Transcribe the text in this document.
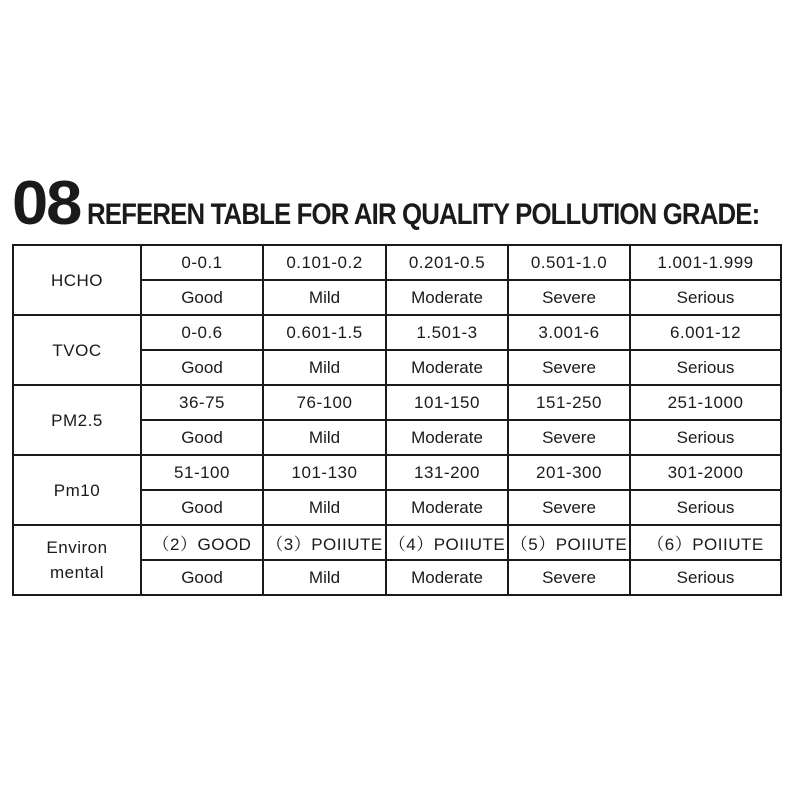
08 REFEREN TABLE FOR AIR QUALITY POLLUTION GRADE:
HCHO	0-0.1	0.101-0.2	0.201-0.5	0.501-1.0	1.001-1.999
	Good	Mild	Moderate	Severe	Serious
TVOC	0-0.6	0.601-1.5	1.501-3	3.001-6	6.001-12
	Good	Mild	Moderate	Severe	Serious
PM2.5	36-75	76-100	101-150	151-250	251-1000
	Good	Mild	Moderate	Severe	Serious
Pm10	51-100	101-130	131-200	201-300	301-2000
	Good	Mild	Moderate	Severe	Serious
Environ mental	（2）GOOD	（3）POIIUTE	（4）POIIUTE	（5）POIIUTE	（6）POIIUTE
	Good	Mild	Moderate	Severe	Serious
